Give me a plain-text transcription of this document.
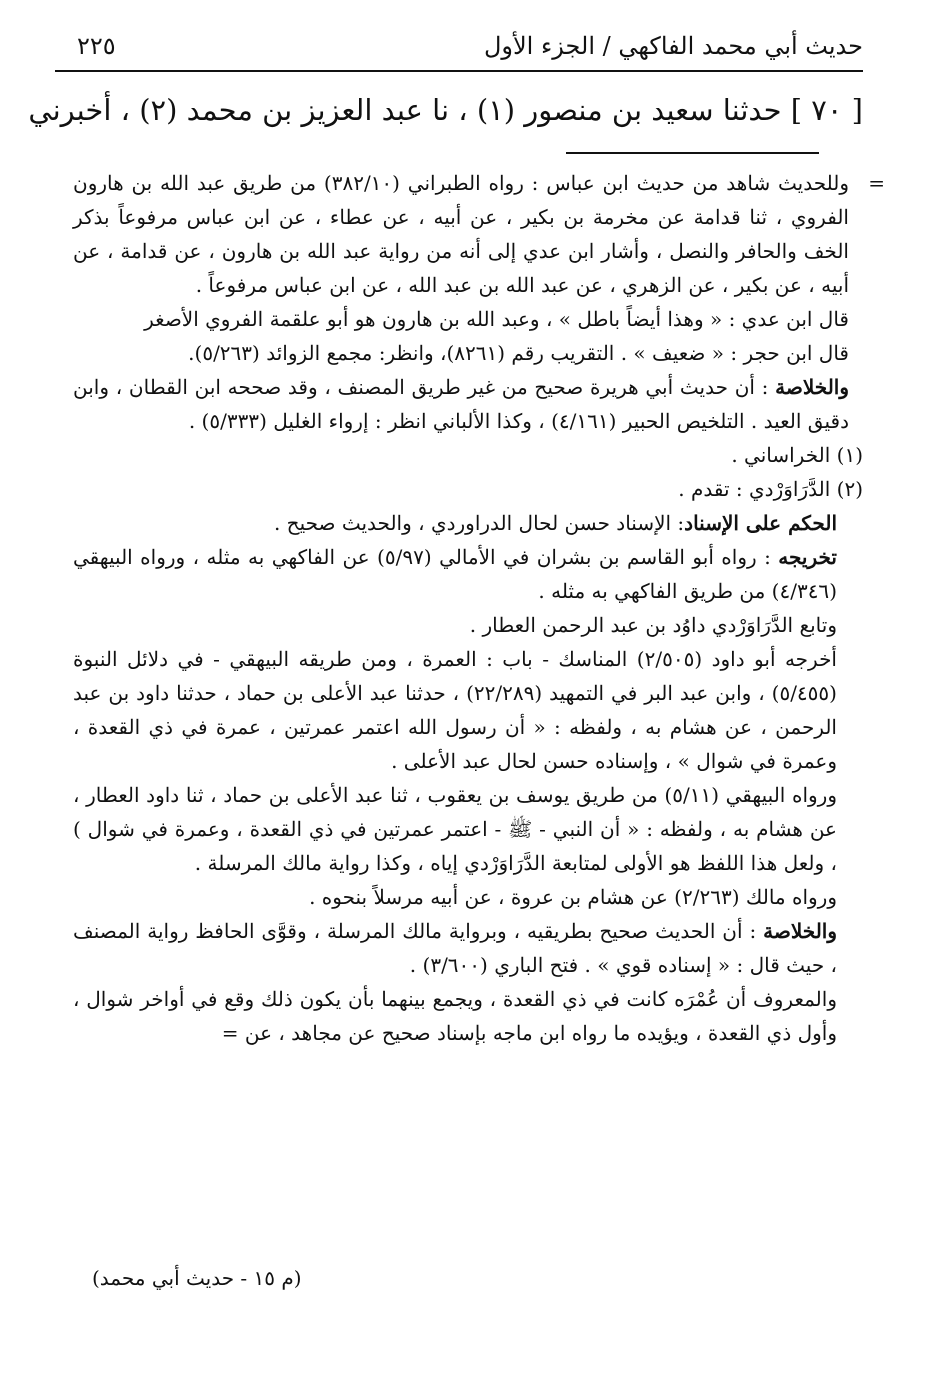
حديث أبي محمد الفاكهي / الجزء الأول
٢٢٥
[ ٧٠ ] حدثنا سعيد بن منصور (١) ، نا عبد العزيز بن محمد (٢) ، أخبرني
=

وللحديث شاهد من حديث ابن عباس : رواه الطبراني (٣٨٢/١٠) من طريق عبد الله بن هارون الفروي ، ثنا قدامة عن مخرمة بن بكير ، عن أبيه ، عن عطاء ، عن ابن عباس مرفوعاً بذكر الخف والحافر والنصل ، وأشار ابن عدي إلى أنه من رواية عبد الله بن هارون ، عن قدامة ، عن أبيه ، عن بكير ، عن الزهري ، عن عبد الله بن عبد الله ، عن ابن عباس مرفوعاً .

قال ابن عدي : « وهذا أيضاً باطل » ، وعبد الله بن هارون هو أبو علقمة الفروي الأصغر

قال ابن حجر : « ضعيف » . التقريب رقم (٨٢٦١)، وانظر: مجمع الزوائد (٥/٢٦٣).

والخلاصة : أن حديث أبي هريرة صحيح من غير طريق المصنف ، وقد صححه ابن القطان ، وابن دقيق العيد . التلخيص الحبير (٤/١٦١) ، وكذا الألباني انظر : إرواء الغليل (٥/٣٣٣) .

(١) الخراساني .

(٢) الدَّرَاوَرْدي : تقدم .

الحكم على الإسناد: الإسناد حسن لحال الدراوردي ، والحديث صحيح .

تخريجه : رواه أبو القاسم بن بشران في الأمالي (٥/٩٧) عن الفاكهي به مثله ، ورواه البيهقي (٤/٣٤٦) من طريق الفاكهي به مثله .

وتابع الدَّرَاوَرْدي داوُد بن عبد الرحمن العطار .

أخرجه أبو داود (٢/٥٠٥) المناسك - باب : العمرة ، ومن طريقه البيهقي - في دلائل النبوة (٥/٤٥٥) ، وابن عبد البر في التمهيد (٢٢/٢٨٩) ، حدثنا عبد الأعلى بن حماد ، حدثنا داود بن عبد الرحمن ، عن هشام به ، ولفظه : « أن رسول الله اعتمر عمرتين ، عمرة في ذي القعدة ، وعمرة في شوال » ، وإسناده حسن لحال عبد الأعلى .

ورواه البيهقي (٥/١١) من طريق يوسف بن يعقوب ، ثنا عبد الأعلى بن حماد ، ثنا داود العطار ، عن هشام به ، ولفظه : « أن النبي - ﷺ - اعتمر عمرتين في ذي القعدة ، وعمرة في شوال ) ، ولعل هذا اللفظ هو الأولى لمتابعة الدَّرَاوَرْدي إياه ، وكذا رواية مالك المرسلة .

ورواه مالك (٢/٢٦٣) عن هشام بن عروة ، عن أبيه مرسلاً بنحوه .

والخلاصة : أن الحديث صحيح بطريقيه ، وبرواية مالك المرسلة ، وقوَّى الحافظ رواية المصنف ، حيث قال : « إسناده قوي » . فتح الباري (٣/٦٠٠) .

والمعروف أن عُمْرَه كانت في ذي القعدة ، ويجمع بينهما بأن يكون ذلك وقع في أواخر شوال ، وأول ذي القعدة ، ويؤيده ما رواه ابن ماجه بإسناد صحيح عن مجاهد ، عن =

(م ١٥ - حديث أبي محمد)
